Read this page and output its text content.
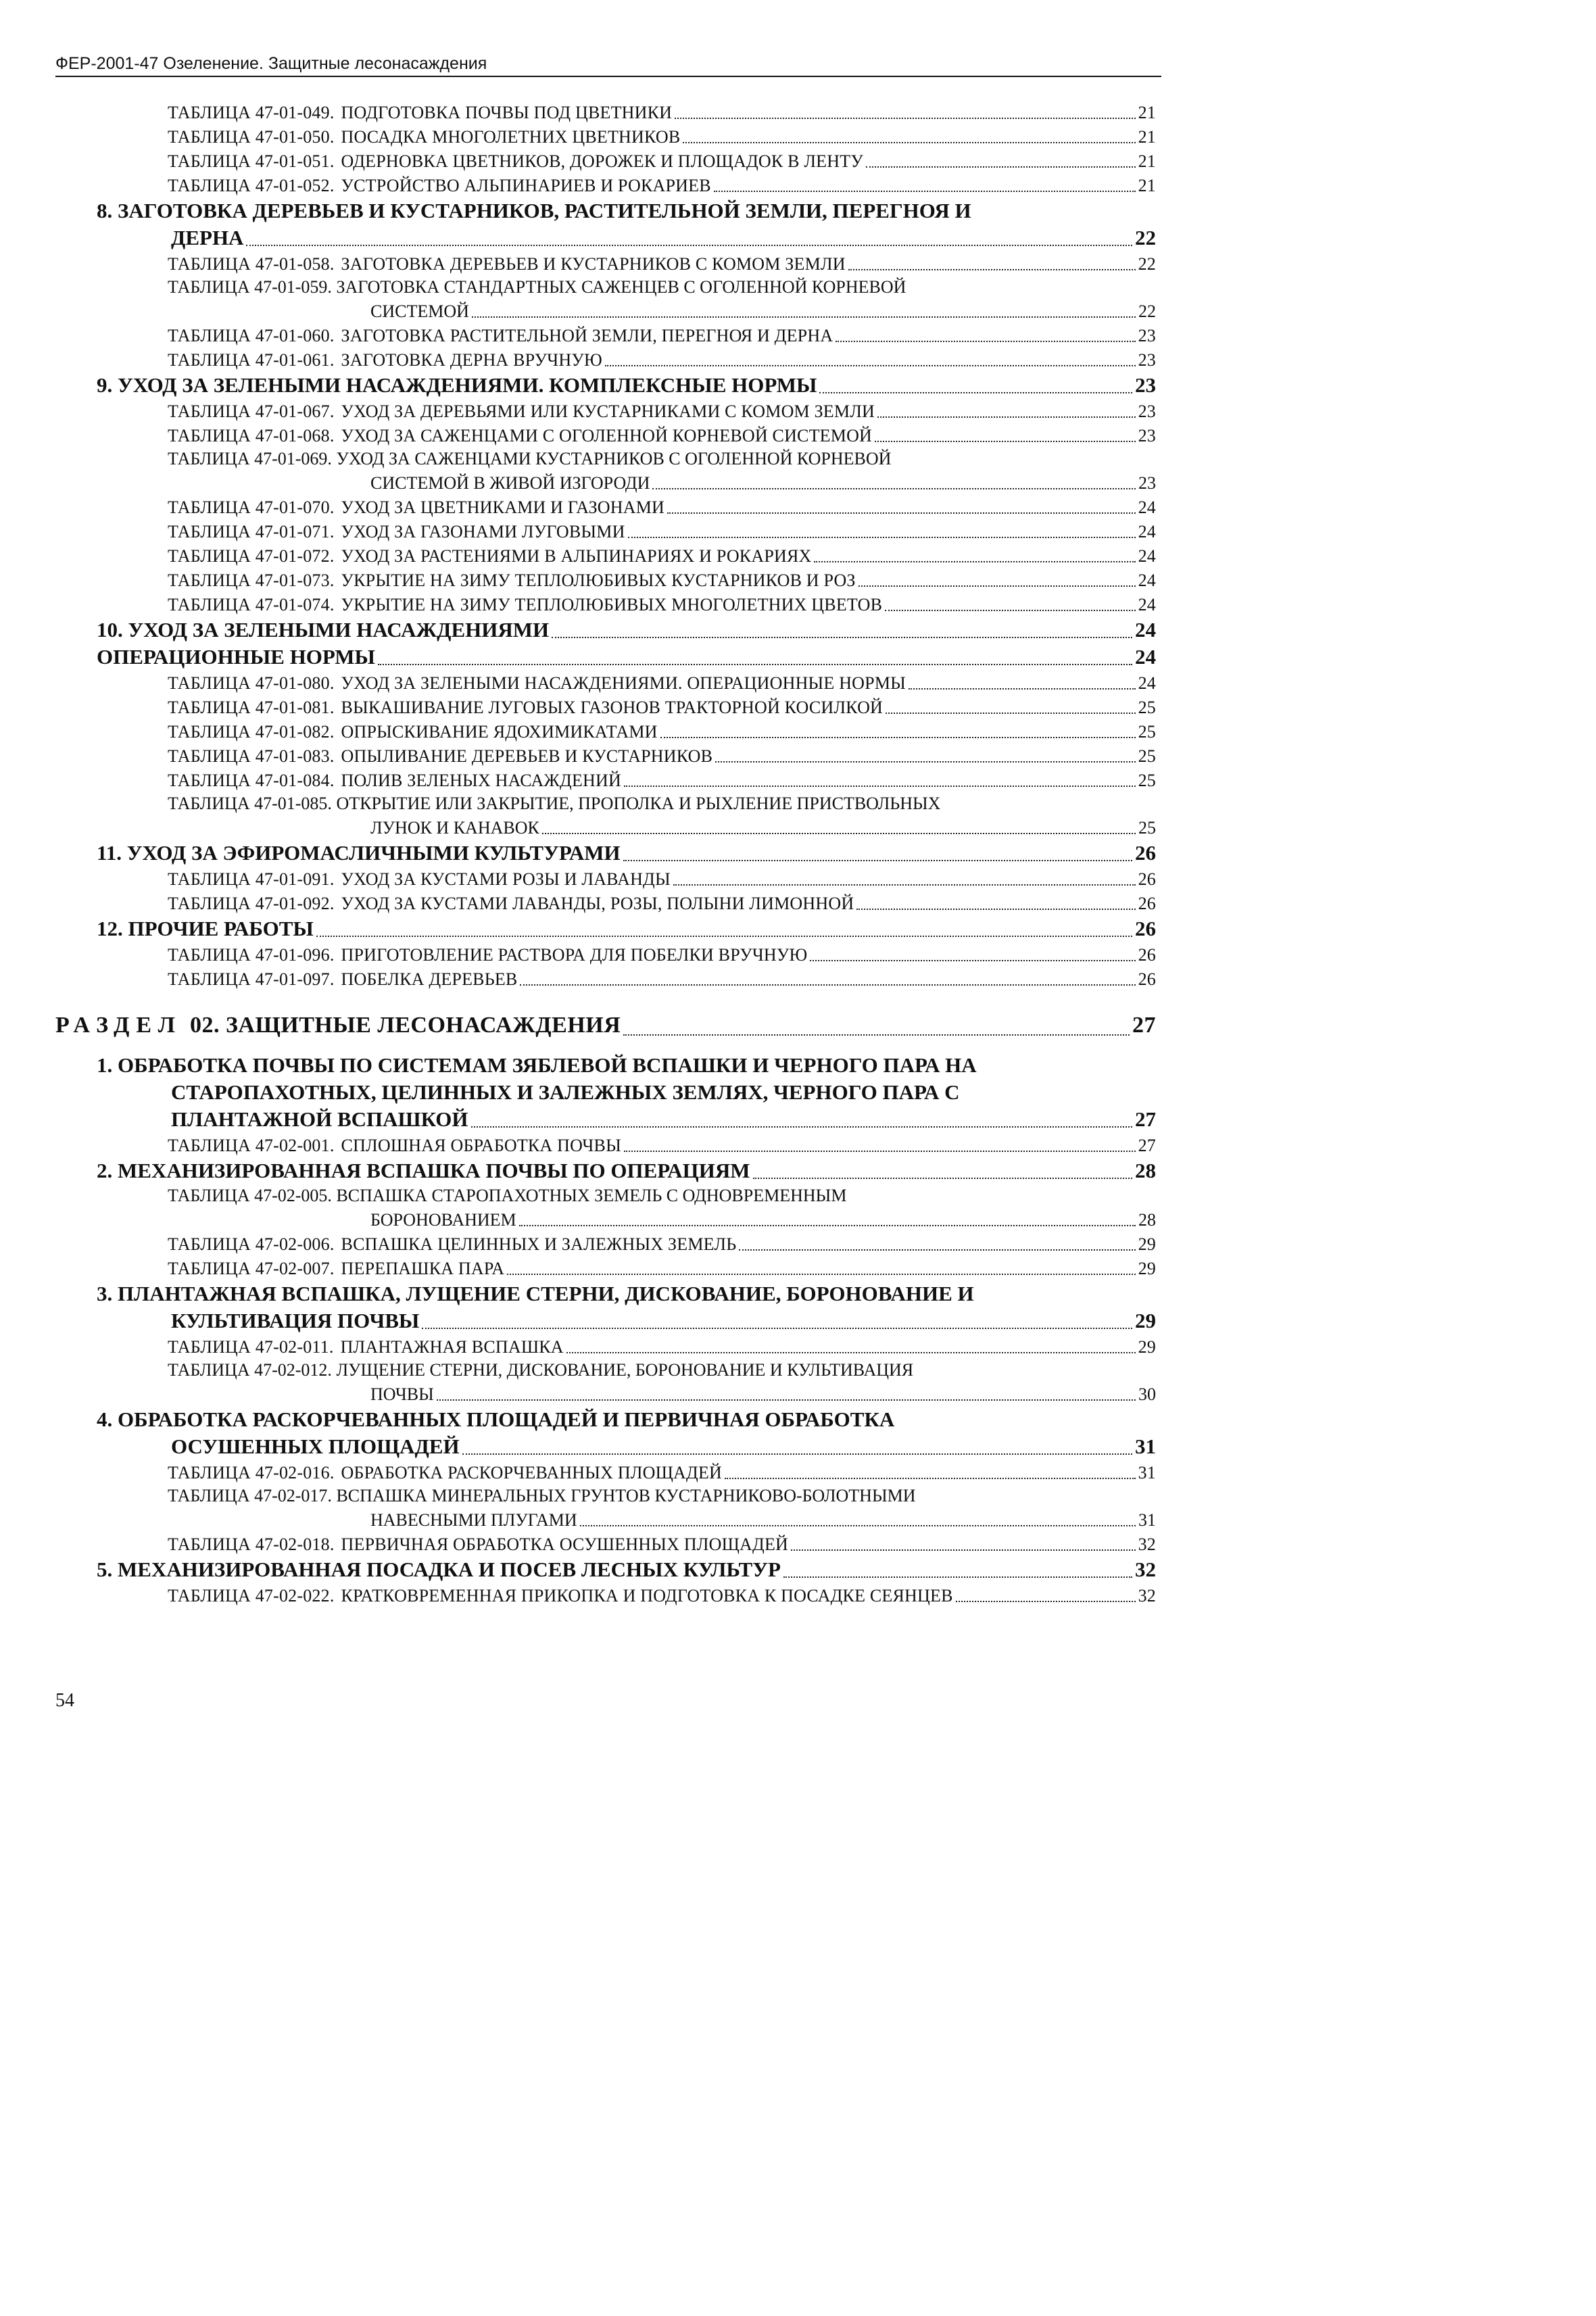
ФЕР-2001-47 Озеленение. Защитные лесонасаждения
ТАБЛИЦА 47-01-049. ПОДГОТОВКА ПОЧВЫ ПОД ЦВЕТНИКИ	21
ТАБЛИЦА 47-01-050. ПОСАДКА МНОГОЛЕТНИХ ЦВЕТНИКОВ	21
ТАБЛИЦА 47-01-051. ОДЕРНОВКА ЦВЕТНИКОВ, ДОРОЖЕК И ПЛОЩАДОК В ЛЕНТУ	21
ТАБЛИЦА 47-01-052. УСТРОЙСТВО АЛЬПИНАРИЕВ И РОКАРИЕВ	21
8. ЗАГОТОВКА ДЕРЕВЬЕВ И КУСТАРНИКОВ, РАСТИТЕЛЬНОЙ ЗЕМЛИ, ПЕРЕГНОЯ И
ДЕРНА	22
ТАБЛИЦА 47-01-058. ЗАГОТОВКА ДЕРЕВЬЕВ И КУСТАРНИКОВ С КОМОМ ЗЕМЛИ	22
ТАБЛИЦА 47-01-059. ЗАГОТОВКА СТАНДАРТНЫХ САЖЕНЦЕВ С ОГОЛЕННОЙ КОРНЕВОЙ
СИСТЕМОЙ	22
ТАБЛИЦА 47-01-060. ЗАГОТОВКА РАСТИТЕЛЬНОЙ ЗЕМЛИ, ПЕРЕГНОЯ И ДЕРНА	23
ТАБЛИЦА 47-01-061. ЗАГОТОВКА ДЕРНА ВРУЧНУЮ	23
9. УХОД ЗА ЗЕЛЕНЫМИ НАСАЖДЕНИЯМИ. КОМПЛЕКСНЫЕ НОРМЫ	23
ТАБЛИЦА 47-01-067. УХОД ЗА ДЕРЕВЬЯМИ ИЛИ КУСТАРНИКАМИ С КОМОМ ЗЕМЛИ	23
ТАБЛИЦА 47-01-068. УХОД ЗА САЖЕНЦАМИ С ОГОЛЕННОЙ КОРНЕВОЙ СИСТЕМОЙ	23
ТАБЛИЦА 47-01-069. УХОД ЗА САЖЕНЦАМИ КУСТАРНИКОВ С ОГОЛЕННОЙ КОРНЕВОЙ
СИСТЕМОЙ В ЖИВОЙ ИЗГОРОДИ	23
ТАБЛИЦА 47-01-070. УХОД ЗА ЦВЕТНИКАМИ И ГАЗОНАМИ	24
ТАБЛИЦА 47-01-071. УХОД ЗА ГАЗОНАМИ ЛУГОВЫМИ	24
ТАБЛИЦА 47-01-072. УХОД ЗА РАСТЕНИЯМИ В АЛЬПИНАРИЯХ И РОКАРИЯХ	24
ТАБЛИЦА 47-01-073. УКРЫТИЕ НА ЗИМУ ТЕПЛОЛЮБИВЫХ КУСТАРНИКОВ И РОЗ	24
ТАБЛИЦА 47-01-074. УКРЫТИЕ НА ЗИМУ ТЕПЛОЛЮБИВЫХ МНОГОЛЕТНИХ ЦВЕТОВ	24
10. УХОД ЗА ЗЕЛЕНЫМИ НАСАЖДЕНИЯМИ	24
ОПЕРАЦИОННЫЕ НОРМЫ	24
ТАБЛИЦА 47-01-080. УХОД ЗА ЗЕЛЕНЫМИ НАСАЖДЕНИЯМИ. ОПЕРАЦИОННЫЕ НОРМЫ	24
ТАБЛИЦА 47-01-081. ВЫКАШИВАНИЕ ЛУГОВЫХ ГАЗОНОВ ТРАКТОРНОЙ КОСИЛКОЙ	25
ТАБЛИЦА 47-01-082. ОПРЫСКИВАНИЕ ЯДОХИМИКАТАМИ	25
ТАБЛИЦА 47-01-083. ОПЫЛИВАНИЕ ДЕРЕВЬЕВ И КУСТАРНИКОВ	25
ТАБЛИЦА 47-01-084. ПОЛИВ ЗЕЛЕНЫХ НАСАЖДЕНИЙ	25
ТАБЛИЦА 47-01-085. ОТКРЫТИЕ ИЛИ ЗАКРЫТИЕ, ПРОПОЛКА И РЫХЛЕНИЕ ПРИСТВОЛЬНЫХ
ЛУНОК И КАНАВОК	25
11. УХОД ЗА ЭФИРОМАСЛИЧНЫМИ КУЛЬТУРАМИ	26
ТАБЛИЦА 47-01-091. УХОД ЗА КУСТАМИ РОЗЫ И ЛАВАНДЫ	26
ТАБЛИЦА 47-01-092. УХОД ЗА КУСТАМИ ЛАВАНДЫ, РОЗЫ, ПОЛЫНИ ЛИМОННОЙ	26
12. ПРОЧИЕ РАБОТЫ	26
ТАБЛИЦА 47-01-096. ПРИГОТОВЛЕНИЕ РАСТВОРА ДЛЯ ПОБЕЛКИ ВРУЧНУЮ	26
ТАБЛИЦА 47-01-097. ПОБЕЛКА ДЕРЕВЬЕВ	26
РАЗДЕЛ 02. ЗАЩИТНЫЕ ЛЕСОНАСАЖДЕНИЯ	27
1. ОБРАБОТКА ПОЧВЫ ПО СИСТЕМАМ ЗЯБЛЕВОЙ ВСПАШКИ И ЧЕРНОГО ПАРА НА
СТАРОПАХОТНЫХ, ЦЕЛИННЫХ И ЗАЛЕЖНЫХ ЗЕМЛЯХ, ЧЕРНОГО ПАРА С
ПЛАНТАЖНОЙ ВСПАШКОЙ	27
ТАБЛИЦА 47-02-001. СПЛОШНАЯ ОБРАБОТКА ПОЧВЫ	27
2. МЕХАНИЗИРОВАННАЯ ВСПАШКА ПОЧВЫ ПО ОПЕРАЦИЯМ	28
ТАБЛИЦА 47-02-005. ВСПАШКА СТАРОПАХОТНЫХ ЗЕМЕЛЬ С ОДНОВРЕМЕННЫМ
БОРОНОВАНИЕМ	28
ТАБЛИЦА 47-02-006. ВСПАШКА ЦЕЛИННЫХ И ЗАЛЕЖНЫХ ЗЕМЕЛЬ	29
ТАБЛИЦА 47-02-007. ПЕРЕПАШКА ПАРА	29
3. ПЛАНТАЖНАЯ ВСПАШКА, ЛУЩЕНИЕ СТЕРНИ, ДИСКОВАНИЕ, БОРОНОВАНИЕ И
КУЛЬТИВАЦИЯ ПОЧВЫ	29
ТАБЛИЦА 47-02-011. ПЛАНТАЖНАЯ ВСПАШКА	29
ТАБЛИЦА 47-02-012. ЛУЩЕНИЕ СТЕРНИ, ДИСКОВАНИЕ, БОРОНОВАНИЕ И КУЛЬТИВАЦИЯ
ПОЧВЫ	30
4. ОБРАБОТКА РАСКОРЧЕВАННЫХ ПЛОЩАДЕЙ И ПЕРВИЧНАЯ ОБРАБОТКА
ОСУШЕННЫХ ПЛОЩАДЕЙ	31
ТАБЛИЦА 47-02-016. ОБРАБОТКА РАСКОРЧЕВАННЫХ ПЛОЩАДЕЙ	31
ТАБЛИЦА 47-02-017. ВСПАШКА МИНЕРАЛЬНЫХ ГРУНТОВ КУСТАРНИКОВО-БОЛОТНЫМИ
НАВЕСНЫМИ ПЛУГАМИ	31
ТАБЛИЦА 47-02-018. ПЕРВИЧНАЯ ОБРАБОТКА ОСУШЕННЫХ ПЛОЩАДЕЙ	32
5. МЕХАНИЗИРОВАННАЯ ПОСАДКА И ПОСЕВ ЛЕСНЫХ КУЛЬТУР	32
ТАБЛИЦА 47-02-022. КРАТКОВРЕМЕННАЯ ПРИКОПКА И ПОДГОТОВКА К ПОСАДКЕ СЕЯНЦЕВ	32
54
